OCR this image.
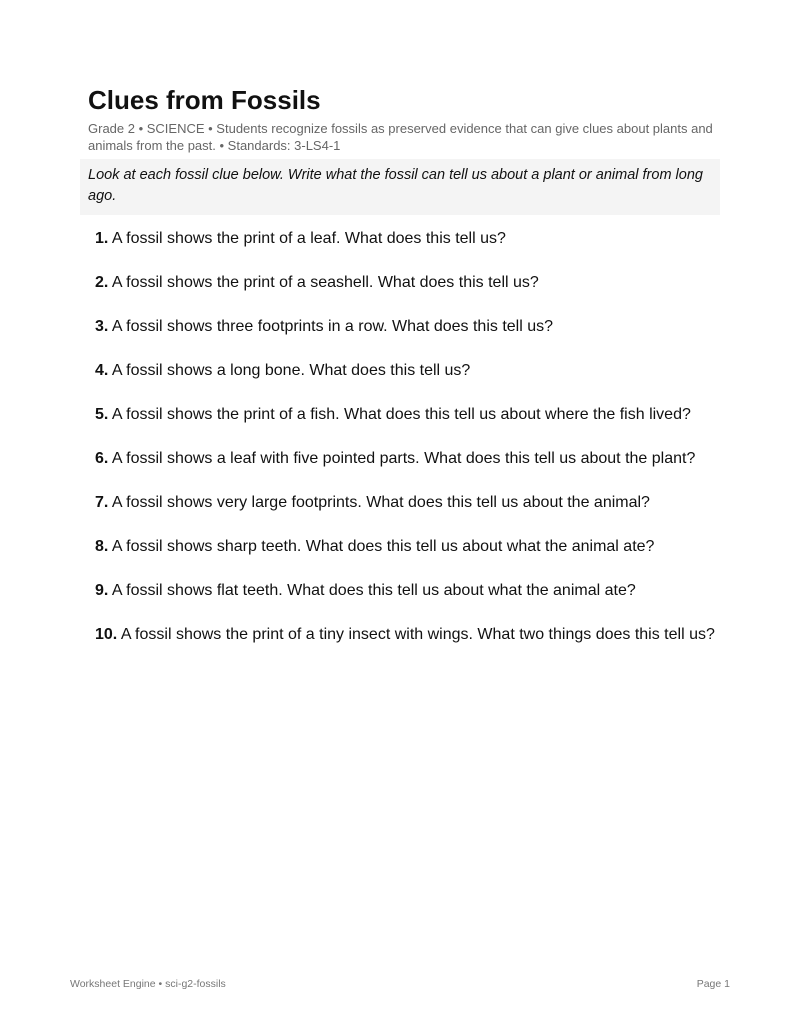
Clues from Fossils
Grade 2 • SCIENCE • Students recognize fossils as preserved evidence that can give clues about plants and animals from the past. • Standards: 3-LS4-1
Look at each fossil clue below. Write what the fossil can tell us about a plant or animal from long ago.
1. A fossil shows the print of a leaf. What does this tell us?
2. A fossil shows the print of a seashell. What does this tell us?
3. A fossil shows three footprints in a row. What does this tell us?
4. A fossil shows a long bone. What does this tell us?
5. A fossil shows the print of a fish. What does this tell us about where the fish lived?
6. A fossil shows a leaf with five pointed parts. What does this tell us about the plant?
7. A fossil shows very large footprints. What does this tell us about the animal?
8. A fossil shows sharp teeth. What does this tell us about what the animal ate?
9. A fossil shows flat teeth. What does this tell us about what the animal ate?
10. A fossil shows the print of a tiny insect with wings. What two things does this tell us?
Worksheet Engine • sci-g2-fossils	Page 1
